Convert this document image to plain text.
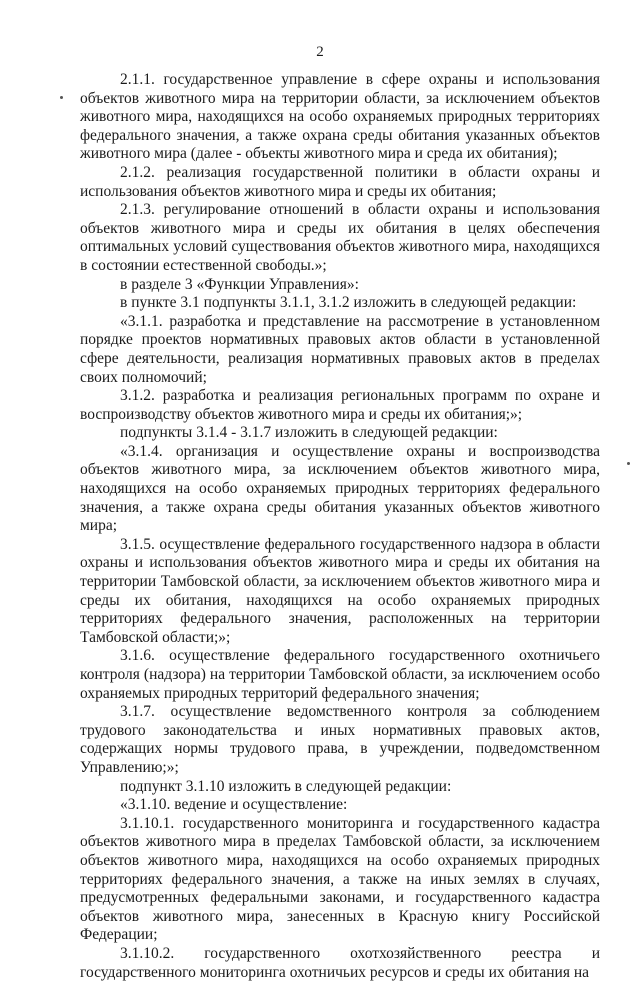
2

2.1.1. государственное управление в сфере охраны и использования объектов животного мира на территории области, за исключением объектов животного мира, находящихся на особо охраняемых природных территориях федерального значения, а также охрана среды обитания указанных объектов животного мира (далее - объекты животного мира и среда их обитания);

2.1.2. реализация государственной политики в области охраны и использования объектов животного мира и среды их обитания;

2.1.3. регулирование отношений в области охраны и использования объектов животного мира и среды их обитания в целях обеспечения оптимальных условий существования объектов животного мира, находящихся в состоянии естественной свободы.»;

в разделе 3 «Функции Управления»:

в пункте 3.1 подпункты 3.1.1, 3.1.2 изложить в следующей редакции:

«3.1.1. разработка и представление на рассмотрение в установленном порядке проектов нормативных правовых актов области в установленной сфере деятельности, реализация нормативных правовых актов в пределах своих полномочий;

3.1.2. разработка и реализация региональных программ по охране и воспроизводству объектов животного мира и среды их обитания;»;

подпункты 3.1.4 - 3.1.7 изложить в следующей редакции:

«3.1.4. организация и осуществление охраны и воспроизводства объектов животного мира, за исключением объектов животного мира, находящихся на особо охраняемых природных территориях федерального значения, а также охрана среды обитания указанных объектов животного мира;

3.1.5. осуществление федерального государственного надзора в области охраны и использования объектов животного мира и среды их обитания на территории Тамбовской области, за исключением объектов животного мира и среды их обитания, находящихся на особо охраняемых природных территориях федерального значения, расположенных на территории Тамбовской области;»;

3.1.6. осуществление федерального государственного охотничьего контроля (надзора) на территории Тамбовской области, за исключением особо охраняемых природных территорий федерального значения;

3.1.7. осуществление ведомственного контроля за соблюдением трудового законодательства и иных нормативных правовых актов, содержащих нормы трудового права, в учреждении, подведомственном Управлению;»;

подпункт 3.1.10 изложить в следующей редакции:

«3.1.10. ведение и осуществление:

3.1.10.1. государственного мониторинга и государственного кадастра объектов животного мира в пределах Тамбовской области, за исключением объектов животного мира, находящихся на особо охраняемых природных территориях федерального значения, а также на иных землях в случаях, предусмотренных федеральными законами, и государственного кадастра объектов животного мира, занесенных в Красную книгу Российской Федерации;

3.1.10.2. государственного охотхозяйственного реестра и государственного мониторинга охотничьих ресурсов и среды их обитания на
